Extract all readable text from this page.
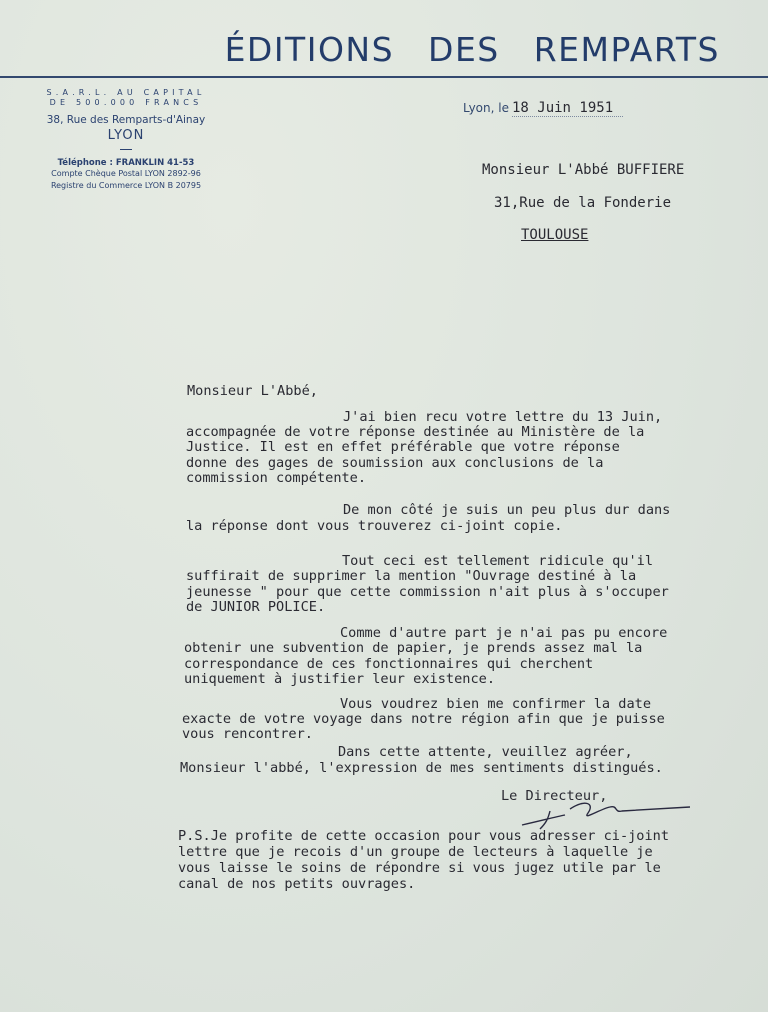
ÉDITIONS DES REMPARTS
S.A.R.L. AU CAPITAL
DE 500.000 FRANCS
38, Rue des Remparts-d'Ainay
LYON
Téléphone : FRANKLIN 41-53
Compte Chèque Postal LYON 2892-96
Registre du Commerce LYON B 20795
Lyon, le 18 Juin 1951
Monsieur L'Abbé BUFFIERE
31,Rue de la Fonderie
TOULOUSE
Monsieur L'Abbé,
J'ai bien recu votre lettre du 13 Juin,
accompagnée de votre réponse destinée au Ministère de la
Justice. Il est en effet préférable que votre réponse
donne des gages de soumission aux conclusions de la
commission compétente.
De mon côté je suis un peu plus dur dans
la réponse dont vous trouverez ci-joint copie.
Tout ceci est tellement ridicule qu'il
suffirait de supprimer la mention "Ouvrage destiné à la
jeunesse " pour que cette commission n'ait plus à s'occuper
de JUNIOR POLICE.
Comme d'autre part je n'ai pas pu encore
obtenir une subvention de papier, je prends assez mal la
correspondance de ces fonctionnaires qui cherchent
uniquement à justifier leur existence.
Vous voudrez bien me confirmer la date
exacte de votre voyage dans notre région afin que je puisse
vous rencontrer.
Dans cette attente, veuillez agréer,
Monsieur l'abbé, l'expression de mes sentiments distingués.
Le Directeur,
P.S.Je profite de cette occasion pour vous adresser ci-joint
lettre que je recois d'un groupe de lecteurs à laquelle je
vous laisse le soins de répondre si vous jugez utile par le
canal de nos petits ouvrages.
